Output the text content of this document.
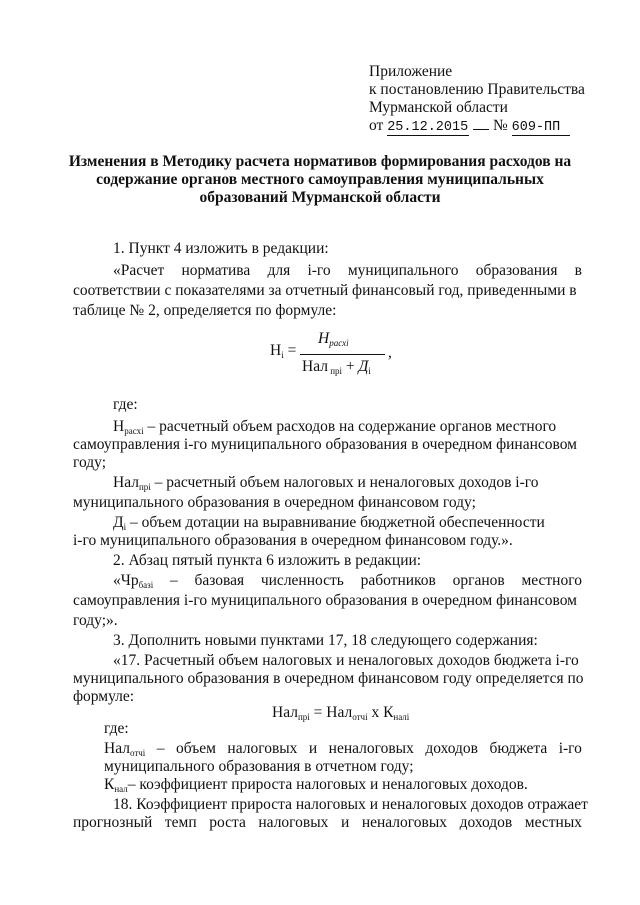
Приложение
к постановлению Правительства
Мурманской области
от 25.12.2015 № 609-ПП
Изменения в Методику расчета нормативов формирования расходов на
содержание органов местного самоуправления муниципальных
образований Мурманской области
1. Пункт 4 изложить в редакции:
«Расчет норматива для i-го муниципального образования в
соответствии с показателями за отчетный финансовый год, приведенными в
таблице № 2, определяется по формуле:
Нi =
Нрасхi
Нал прi + Дi
,
где:
Нрасхi – расчетный объем расходов на содержание органов местного
самоуправления i-го муниципального образования в очередном финансовом
году;
Налпрi – расчетный объем налоговых и неналоговых доходов i-го
муниципального образования в очередном финансовом году;
Дi – объем дотации на выравнивание бюджетной обеспеченности
i-го муниципального образования в очередном финансовом году.».
2. Абзац пятый пункта 6 изложить в редакции:
«Чрбазi – базовая численность работников органов местного
самоуправления i-го муниципального образования в очередном финансовом
году;».
3. Дополнить новыми пунктами 17, 18 следующего содержания:
«17. Расчетный объем налоговых и неналоговых доходов бюджета i-го
муниципального образования в очередном финансовом году определяется по
формуле:
Налпрi = Налотчi х Кналi
где:
Налотчi – объем налоговых и неналоговых доходов бюджета i-го
муниципального образования в отчетном году;
Кнал– коэффициент прироста налоговых и неналоговых доходов.
18. Коэффициент прироста налоговых и неналоговых доходов отражает
прогнозный темп роста налоговых и неналоговых доходов местных
